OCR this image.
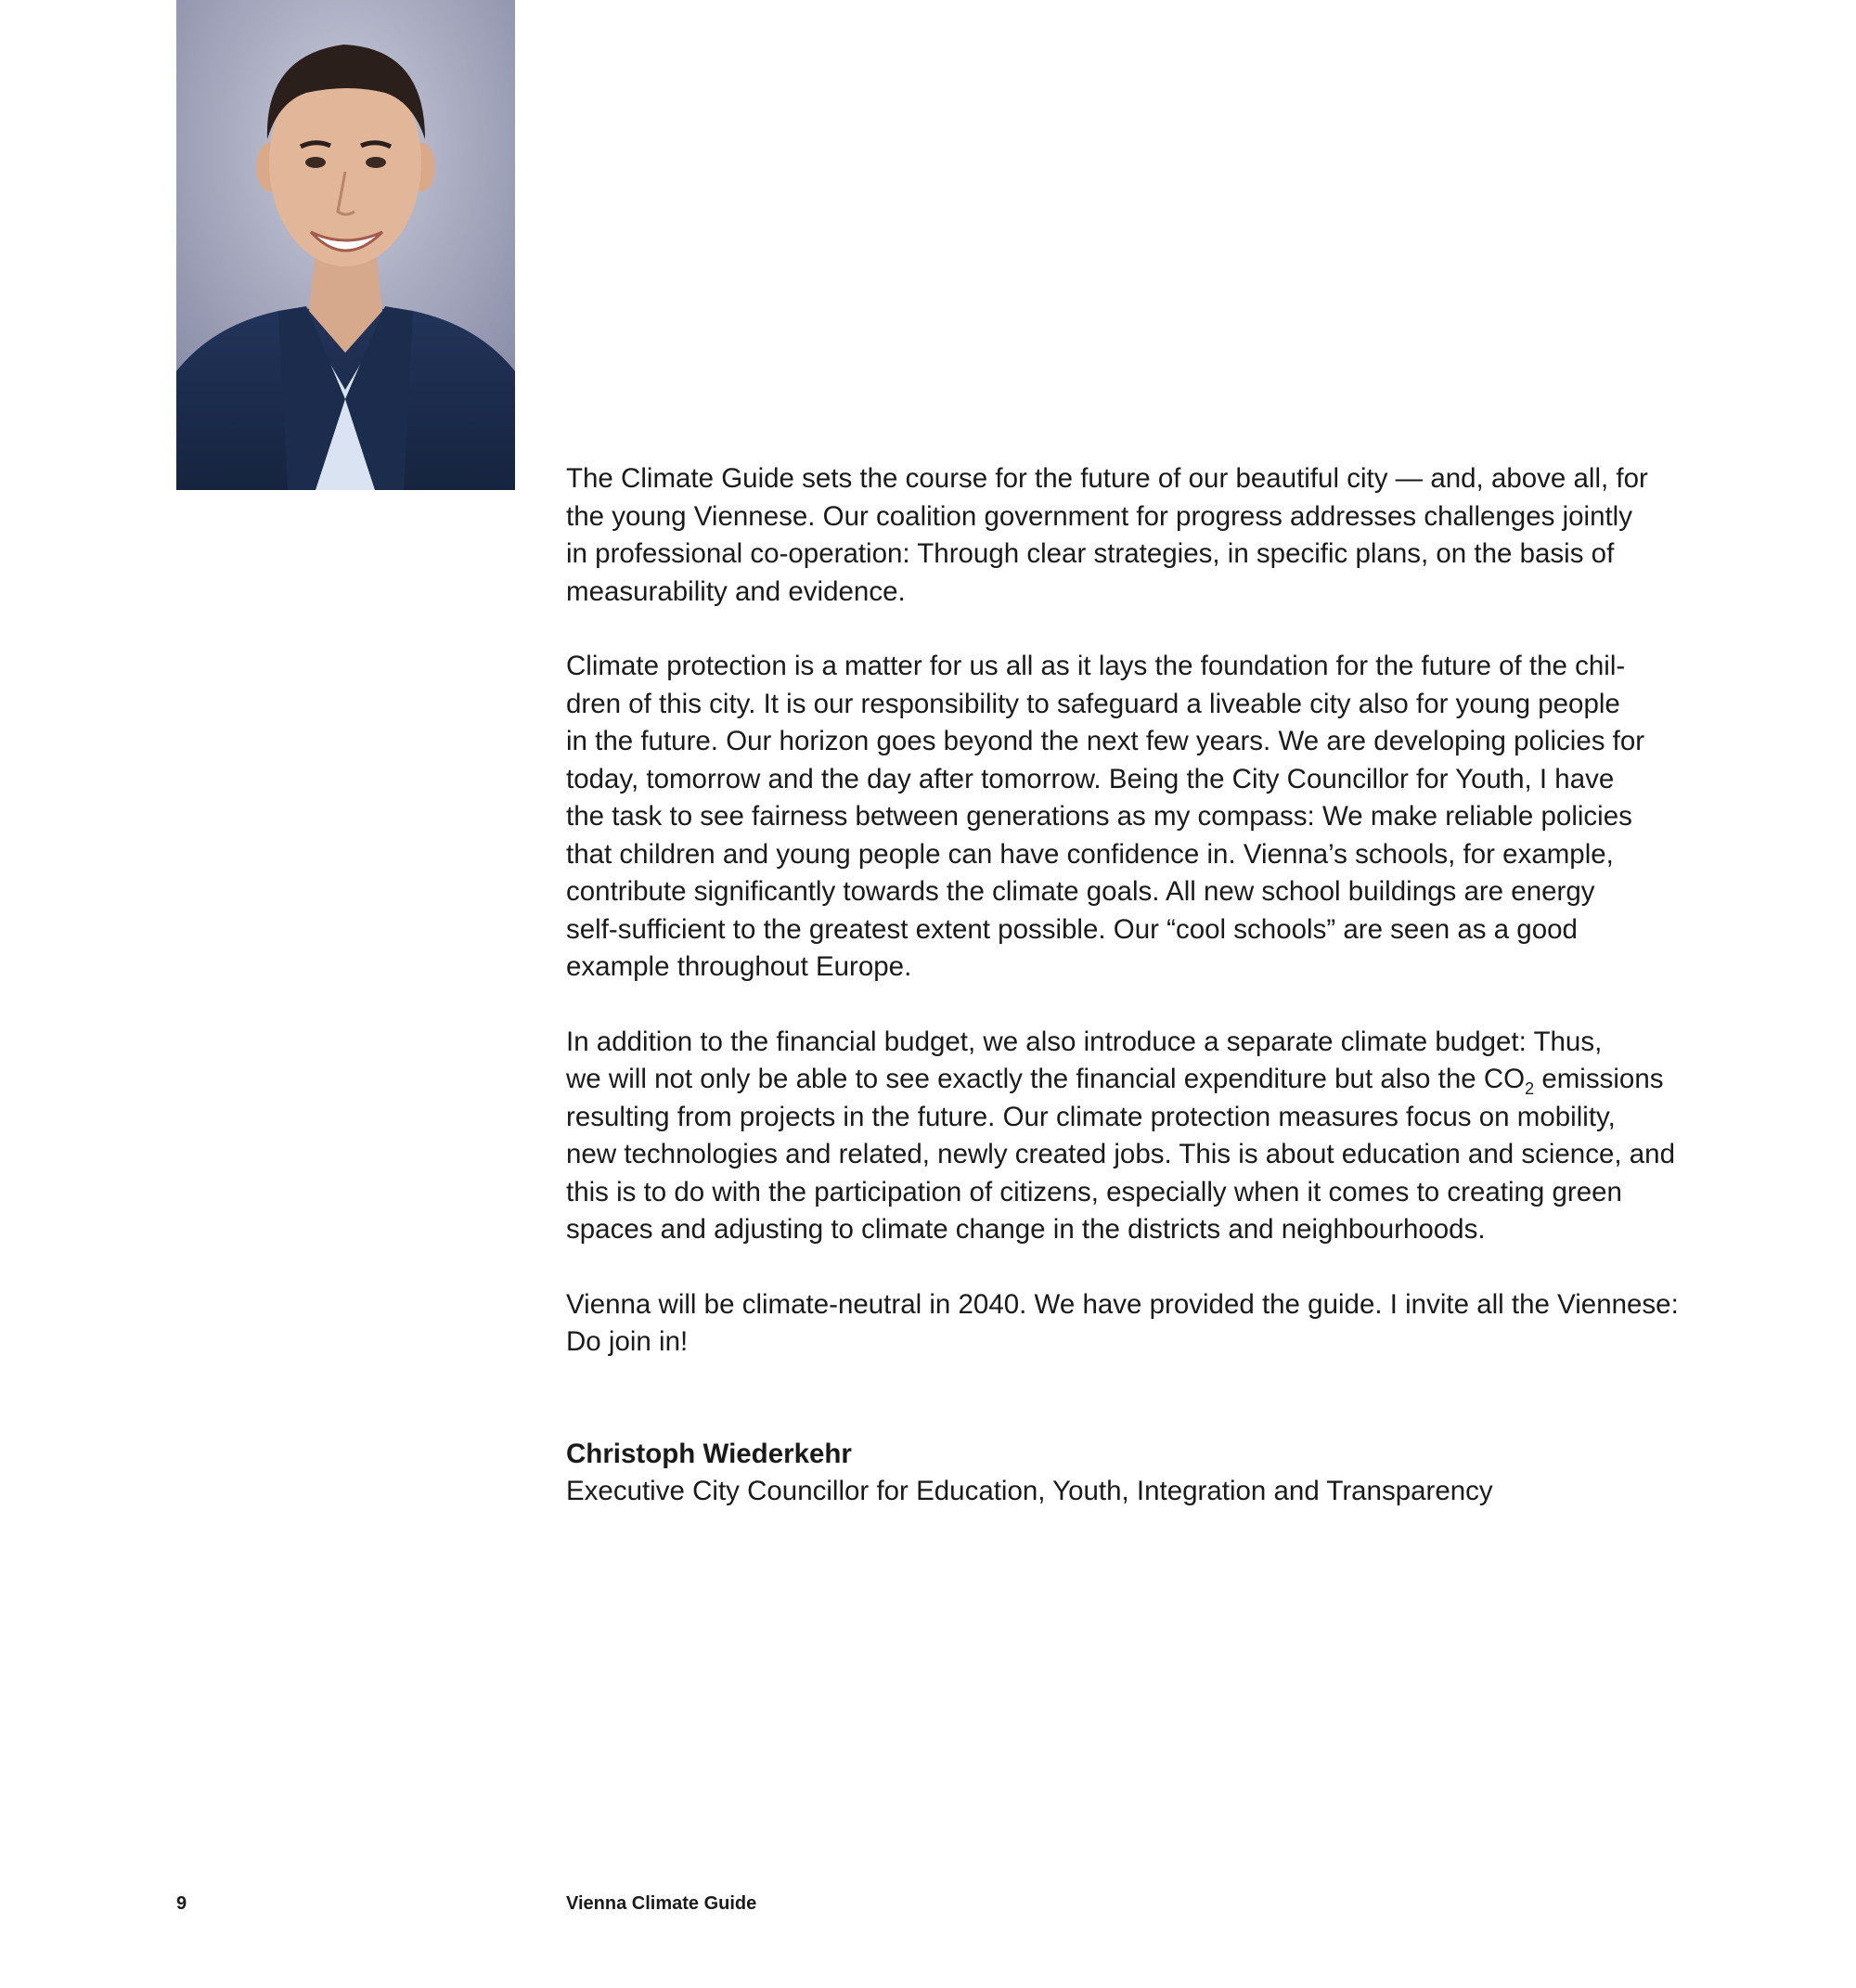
The Climate Guide sets the course for the future of our beautiful city — and, above all, for
the young Viennese. Our coalition government for progress addresses challenges jointly
in professional co-operation: Through clear strategies, in specific plans, on the basis of
measurability and evidence.

Climate protection is a matter for us all as it lays the foundation for the future of the chil-
dren of this city. It is our responsibility to safeguard a liveable city also for young people
in the future. Our horizon goes beyond the next few years. We are developing policies for
today, tomorrow and the day after tomorrow. Being the City Councillor for Youth, I have
the task to see fairness between generations as my compass: We make reliable policies
that children and young people can have confidence in. Vienna’s schools, for example,
contribute significantly towards the climate goals. All new school buildings are energy
self-sufficient to the greatest extent possible. Our “cool schools” are seen as a good
example throughout Europe.

In addition to the financial budget, we also introduce a separate climate budget: Thus,
we will not only be able to see exactly the financial expenditure but also the $CO_2$ emissions
resulting from projects in the future. Our climate protection measures focus on mobility,
new technologies and related, newly created jobs. This is about education and science, and
this is to do with the participation of citizens, especially when it comes to creating green
spaces and adjusting to climate change in the districts and neighbourhoods.

Vienna will be climate-neutral in 2040. We have provided the guide. I invite all the Viennese:
Do join in!

Christoph Wiederkehr
Executive City Councillor for Education, Youth, Integration and Transparency
9	Vienna Climate Guide
